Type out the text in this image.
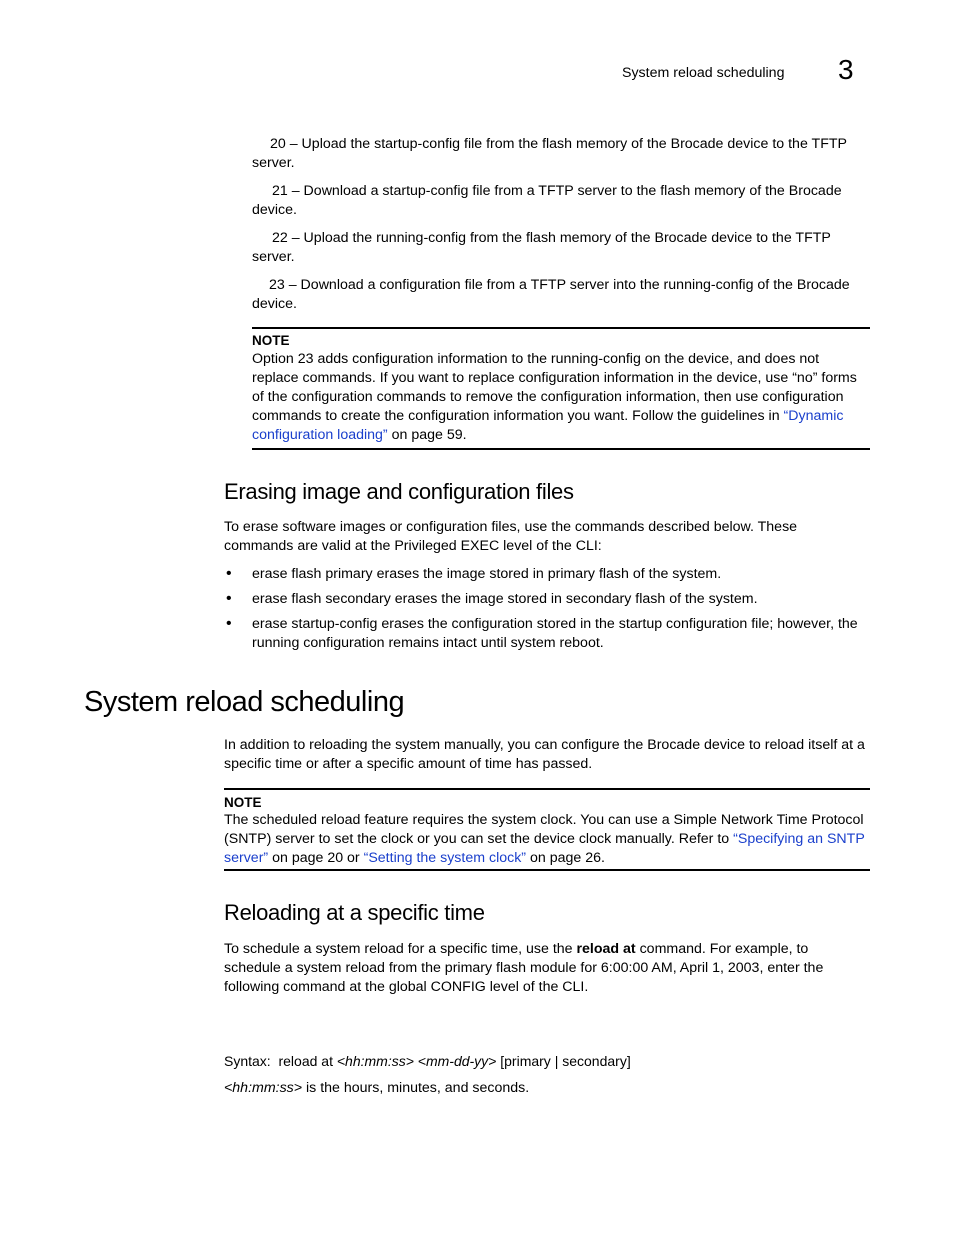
System reload scheduling 3

20 – Upload the startup-config file from the flash memory of the Brocade device to the TFTP server.

21 – Download a startup-config file from a TFTP server to the flash memory of the Brocade device.

22 – Upload the running-config from the flash memory of the Brocade device to the TFTP server.

23 – Download a configuration file from a TFTP server into the running-config of the Brocade device.

NOTE

Option 23 adds configuration information to the running-config on the device, and does not replace commands. If you want to replace configuration information in the device, use “no” forms of the configuration commands to remove the configuration information, then use configuration commands to create the configuration information you want. Follow the guidelines in “Dynamic configuration loading” on page 59.

Erasing image and configuration files

To erase software images or configuration files, use the commands described below. These commands are valid at the Privileged EXEC level of the CLI:

• erase flash primary erases the image stored in primary flash of the system.

• erase flash secondary erases the image stored in secondary flash of the system.

• erase startup-config erases the configuration stored in the startup configuration file; however, the running configuration remains intact until system reboot.

System reload scheduling

In addition to reloading the system manually, you can configure the Brocade device to reload itself at a specific time or after a specific amount of time has passed.

NOTE

The scheduled reload feature requires the system clock. You can use a Simple Network Time Protocol (SNTP) server to set the clock or you can set the device clock manually. Refer to “Specifying an SNTP server” on page 20 or “Setting the system clock” on page 26.

Reloading at a specific time

To schedule a system reload for a specific time, use the reload at command. For example, to schedule a system reload from the primary flash module for 6:00:00 AM, April 1, 2003, enter the following command at the global CONFIG level of the CLI.

Syntax: reload at <hh:mm:ss> <mm-dd-yy> [primary | secondary]

<hh:mm:ss> is the hours, minutes, and seconds.
